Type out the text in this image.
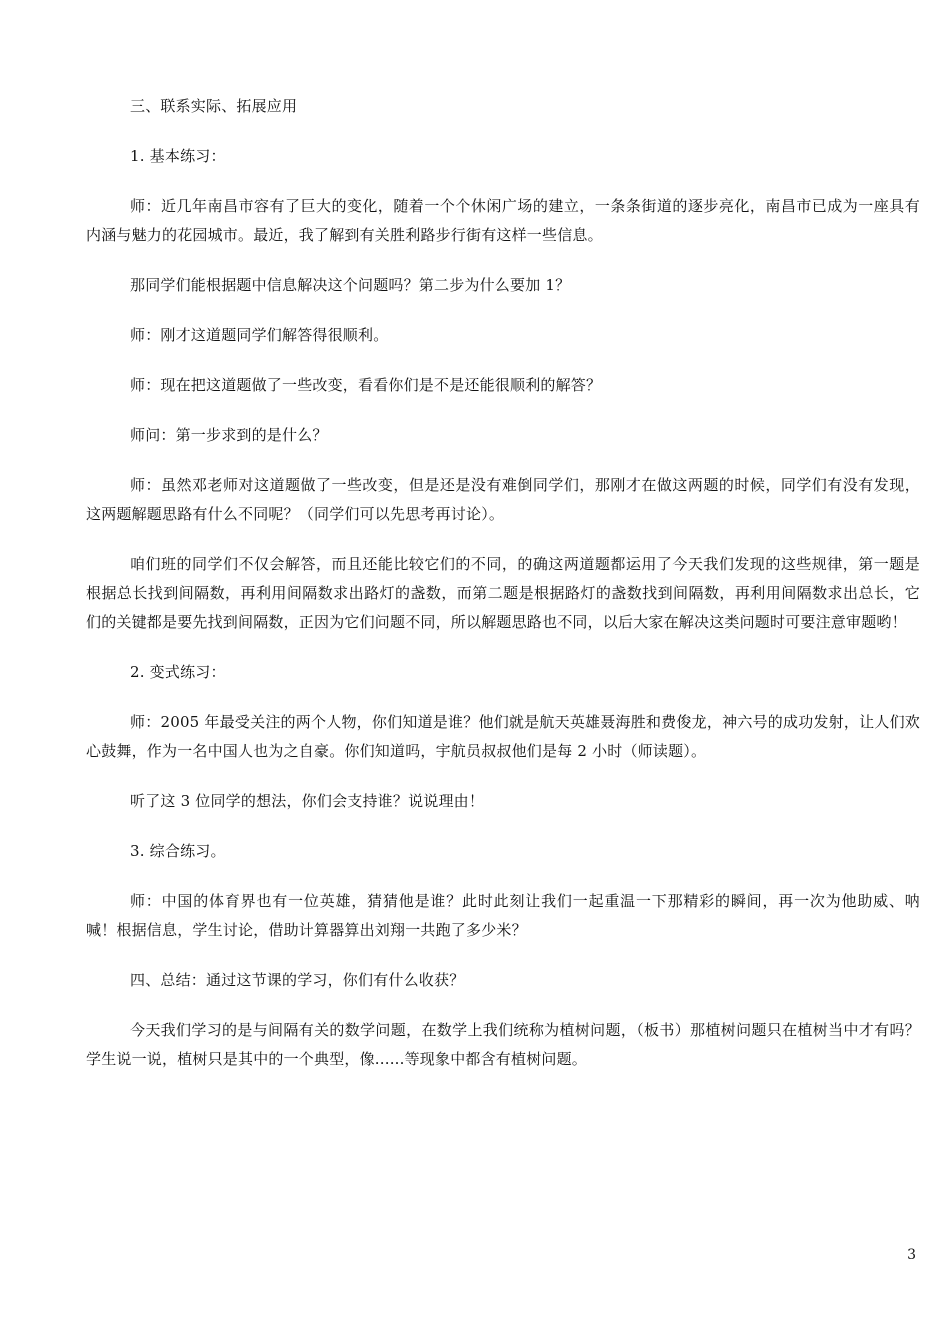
三、联系实际、拓展应用

1. 基本练习：

师：近几年南昌市容有了巨大的变化，随着一个个休闲广场的建立，一条条街道的逐步亮化，南昌市已成为一座具有内涵与魅力的花园城市。最近，我了解到有关胜利路步行街有这样一些信息。

那同学们能根据题中信息解决这个问题吗？第二步为什么要加 1？

师：刚才这道题同学们解答得很顺利。

师：现在把这道题做了一些改变，看看你们是不是还能很顺利的解答？

师问：第一步求到的是什么？

师：虽然邓老师对这道题做了一些改变，但是还是没有难倒同学们，那刚才在做这两题的时候，同学们有没有发现，这两题解题思路有什么不同呢？（同学们可以先思考再讨论）。

咱们班的同学们不仅会解答，而且还能比较它们的不同，的确这两道题都运用了今天我们发现的这些规律，第一题是根据总长找到间隔数，再利用间隔数求出路灯的盏数，而第二题是根据路灯的盏数找到间隔数，再利用间隔数求出总长，它们的关键都是要先找到间隔数，正因为它们问题不同，所以解题思路也不同，以后大家在解决这类问题时可要注意审题哟！

2. 变式练习：

师：2005 年最受关注的两个人物，你们知道是谁？他们就是航天英雄聂海胜和费俊龙，神六号的成功发射，让人们欢心鼓舞，作为一名中国人也为之自豪。你们知道吗，宇航员叔叔他们是每 2 小时（师读题）。

听了这 3 位同学的想法，你们会支持谁？说说理由！

3. 综合练习。

师：中国的体育界也有一位英雄，猜猜他是谁？此时此刻让我们一起重温一下那精彩的瞬间，再一次为他助威、呐喊！根据信息，学生讨论，借助计算器算出刘翔一共跑了多少米？

四、总结：通过这节课的学习，你们有什么收获？

今天我们学习的是与间隔有关的数学问题，在数学上我们统称为植树问题，（板书）那植树问题只在植树当中才有吗？学生说一说，植树只是其中的一个典型，像......等现象中都含有植树问题。

3
